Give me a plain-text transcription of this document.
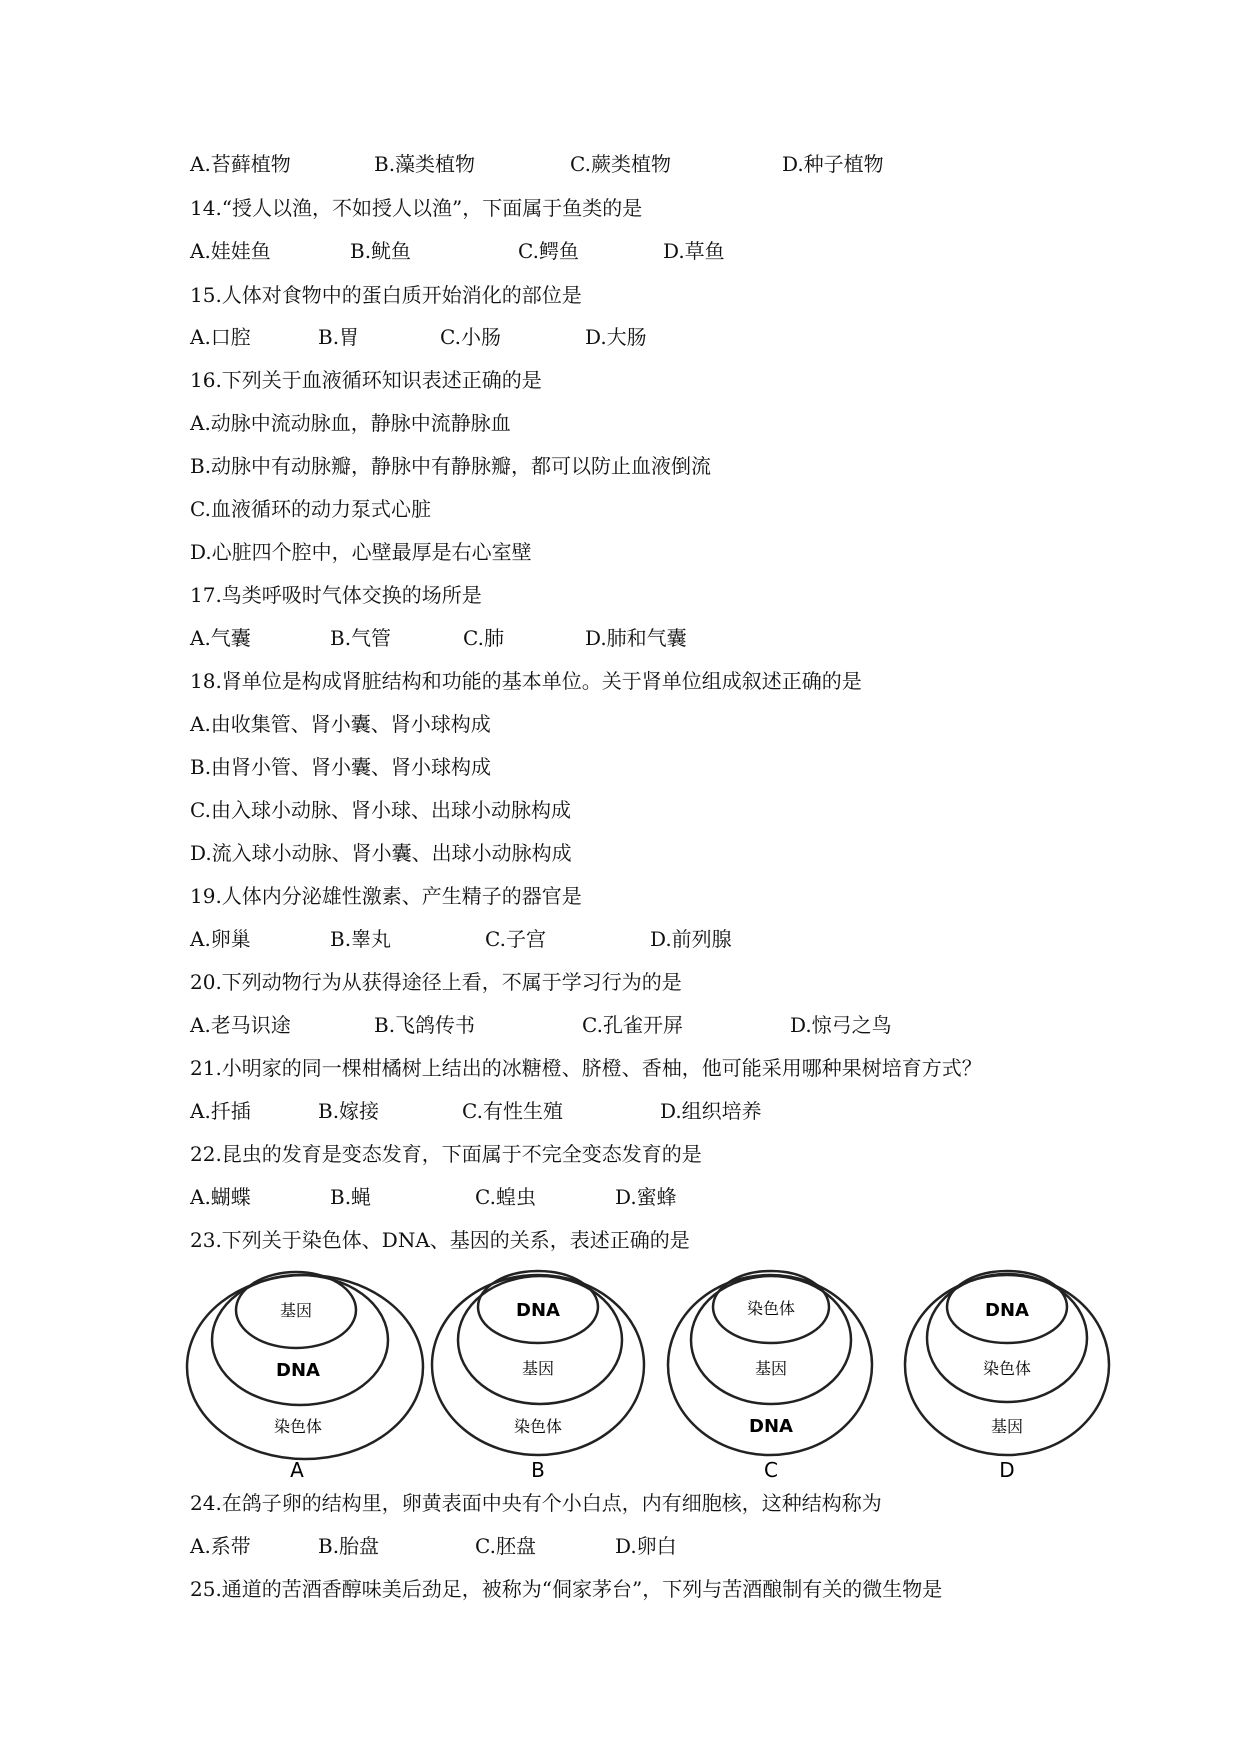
A.苔藓植物	B.藻类植物	C.蕨类植物	D.种子植物
14.“授人以渔，不如授人以渔”，下面属于鱼类的是
A.娃娃鱼	B.鱿鱼	C.鳄鱼	D.草鱼
15.人体对食物中的蛋白质开始消化的部位是
A.口腔	B.胃	C.小肠	D.大肠
16.下列关于血液循环知识表述正确的是
A.动脉中流动脉血，静脉中流静脉血
B.动脉中有动脉瓣，静脉中有静脉瓣，都可以防止血液倒流
C.血液循环的动力泵式心脏
D.心脏四个腔中，心壁最厚是右心室壁
17.鸟类呼吸时气体交换的场所是
A.气囊	B.气管	C.肺	D.肺和气囊
18.肾单位是构成肾脏结构和功能的基本单位。关于肾单位组成叙述正确的是
A.由收集管、肾小囊、肾小球构成
B.由肾小管、肾小囊、肾小球构成
C.由入球小动脉、肾小球、出球小动脉构成
D.流入球小动脉、肾小囊、出球小动脉构成
19.人体内分泌雄性激素、产生精子的器官是
A.卵巢	B.睾丸	C.子宫	D.前列腺
20.下列动物行为从获得途径上看，不属于学习行为的是
A.老马识途	B.飞鸽传书	C.孔雀开屏	D.惊弓之鸟
21.小明家的同一棵柑橘树上结出的冰糖橙、脐橙、香柚，他可能采用哪种果树培育方式？
A.扦插	B.嫁接	C.有性生殖	D.组织培养
22.昆虫的发育是变态发育，下面属于不完全变态发育的是
A.蝴蝶	B.蝇	C.蝗虫	D.蜜蜂
23.下列关于染色体、DNA、基因的关系，表述正确的是
基因
DNA
染色体
A
DNA
基因
染色体
B
染色体
基因
DNA
C
DNA
染色体
基因
D
24.在鸽子卵的结构里，卵黄表面中央有个小白点，内有细胞核，这种结构称为
A.系带	B.胎盘	C.胚盘	D.卵白
25.通道的苦酒香醇味美后劲足，被称为“侗家茅台”，下列与苦酒酿制有关的微生物是
